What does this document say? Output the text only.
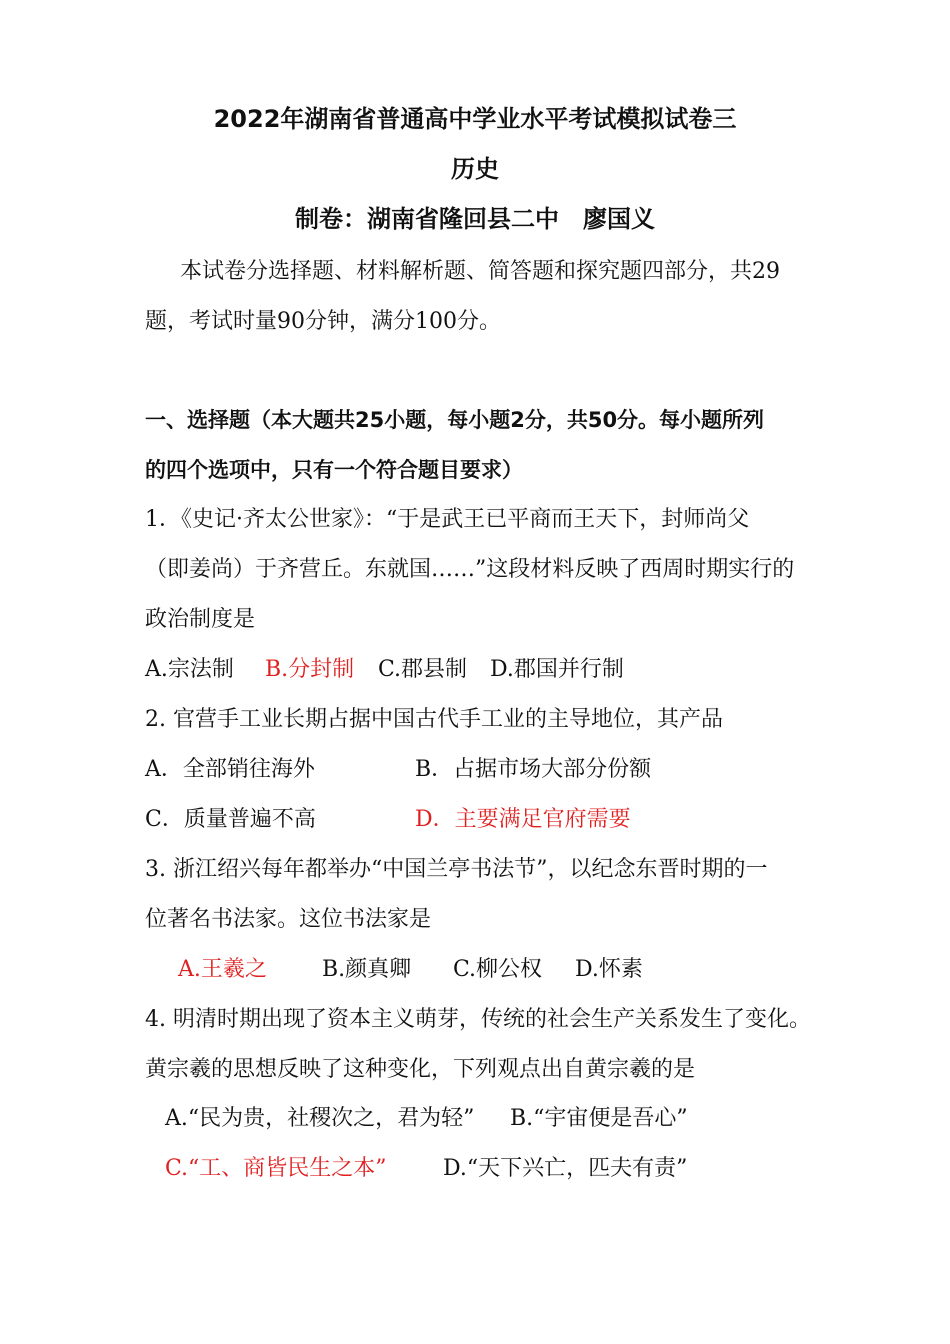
2022年湖南省普通高中学业水平考试模拟试卷三
历史
制卷：湖南省隆回县二中　廖国义
本试卷分选择题、材料解析题、简答题和探究题四部分，共29
题，考试时量90分钟，满分100分。
一、选择题（本大题共25小题，每小题2分，共50分。每小题所列
的四个选项中，只有一个符合题目要求）
1．《史记·齐太公世家》：“于是武王已平商而王天下，封师尚父
（即姜尚）于齐营丘。东就国……”这段材料反映了西周时期实行的
政治制度是
A.宗法制 B.分封制 C.郡县制 D.郡国并行制
2. 官营手工业长期占据中国古代手工业的主导地位，其产品
A．全部销往海外	B．占据市场大部分份额
C．质量普遍不高	D．主要满足官府需要
3. 浙江绍兴每年都举办“中国兰亭书法节”，以纪念东晋时期的一
位著名书法家。这位书法家是
A.王羲之	B.颜真卿 C.柳公权 D.怀素
4. 明清时期出现了资本主义萌芽，传统的社会生产关系发生了变化。
黄宗羲的思想反映了这种变化，下列观点出自黄宗羲的是
A.“民为贵，社稷次之，君为轻” B.“宇宙便是吾心”
C.“工、商皆民生之本”	D.“天下兴亡，匹夫有责”
